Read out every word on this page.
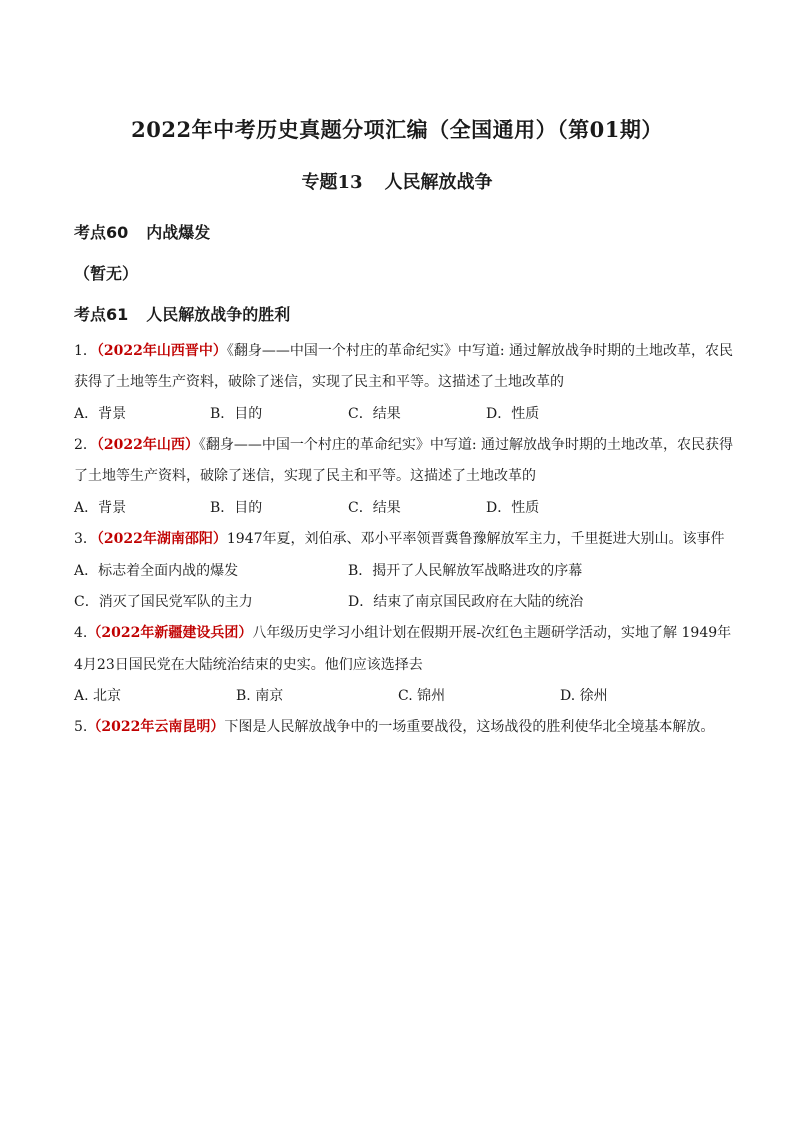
2022年中考历史真题分项汇编（全国通用）（第01期）
专题13 人民解放战争
考点60 内战爆发
（暂无）
考点61 人民解放战争的胜利
1．（2022年山西晋中）《翻身——中国一个村庄的革命纪实》中写道: 通过解放战争时期的土地改革，农民
获得了土地等生产资料，破除了迷信，实现了民主和平等。这描述了土地改革的
A．背景	B．目的	C．结果	D．性质
2．（2022年山西）《翻身——中国一个村庄的革命纪实》中写道: 通过解放战争时期的土地改革，农民获得
了土地等生产资料，破除了迷信，实现了民主和平等。这描述了土地改革的
A．背景	B．目的	C．结果	D．性质
3．（2022年湖南邵阳）1947年夏，刘伯承、邓小平率领晋冀鲁豫解放军主力，千里挺进大别山。该事件
A．标志着全面内战的爆发	B．揭开了人民解放军战略进攻的序幕
C．消灭了国民党军队的主力	D．结束了南京国民政府在大陆的统治
4.（2022年新疆建设兵团）八年级历史学习小组计划在假期开展-次红色主题研学活动，实地了解 1949年
4月23日国民党在大陆统治结束的史实。他们应该选择去
A. 北京	B. 南京	C. 锦州	D. 徐州
5.（2022年云南昆明）下图是人民解放战争中的一场重要战役，这场战役的胜利使华北全境基本解放。
